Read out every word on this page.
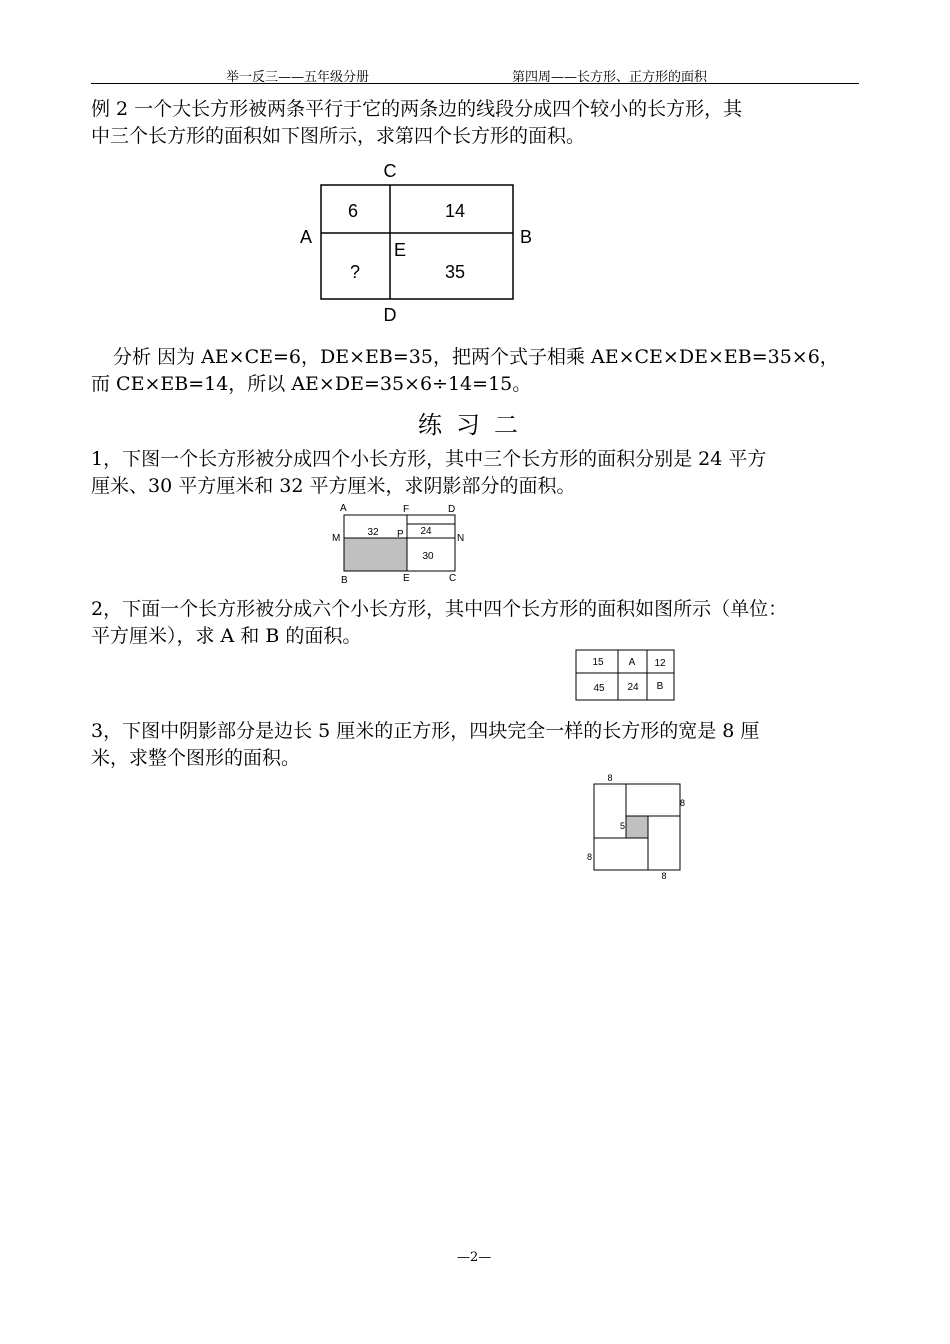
举一反三——五年级分册	第四周——长方形、正方形的面积
例 2 一个大长方形被两条平行于它的两条边的线段分成四个较小的长方形，其
中三个长方形的面积如下图所示，求第四个长方形的面积。
C
A	B
D
E
6	14
?	35
分析 因为 AE×CE=6，DE×EB=35，把两个式子相乘 AE×CE×DE×EB=35×6，
而 CE×EB=14，所以 AE×DE=35×6÷14=15。
练习二
1，下图一个长方形被分成四个小长方形，其中三个长方形的面积分别是 24 平方
厘米、30 平方厘米和 32 平方厘米，求阴影部分的面积。
A	F	D
M	P	N
B	E	C
32	24
30
2，下面一个长方形被分成六个小长方形，其中四个长方形的面积如图所示（单位：
平方厘米），求 A 和 B 的面积。
15	A 12
45 24 B
3，下图中阴影部分是边长 5 厘米的正方形，四块完全一样的长方形的宽是 8 厘
米，求整个图形的面积。
8
8
5
8
8
—2—
